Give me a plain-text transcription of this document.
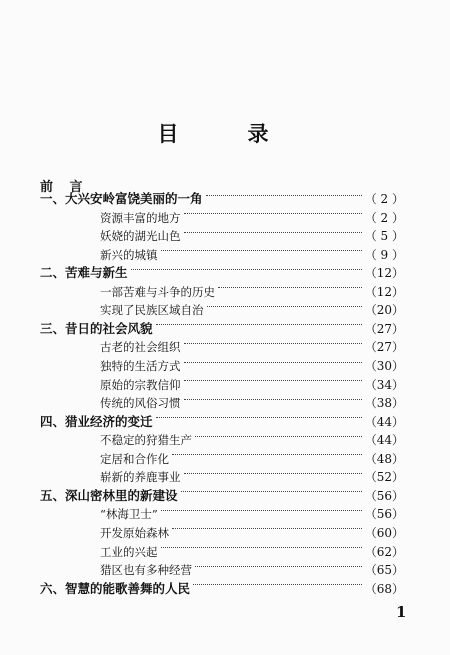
目　录
前 言
一、大兴安岭富饶美丽的一角	（ 2 ）
资源丰富的地方	（ 2 ）
妖娆的湖光山色	（ 5 ）
新兴的城镇	（ 9 ）
二、苦难与新生	（12）
一部苦难与斗争的历史	（12）
实现了民族区域自治	（20）
三、昔日的社会风貌	（27）
古老的社会组织	（27）
独特的生活方式	（30）
原始的宗教信仰	（34）
传统的风俗习惯	（38）
四、猎业经济的变迁	（44）
不稳定的狩猎生产	（44）
定居和合作化	（48）
崭新的养鹿事业	（52）
五、深山密林里的新建设	（56）
“林海卫士”	（56）
开发原始森林	（60）
工业的兴起	（62）
猎区也有多种经营	（65）
六、智慧的能歌善舞的人民	（68）
1
